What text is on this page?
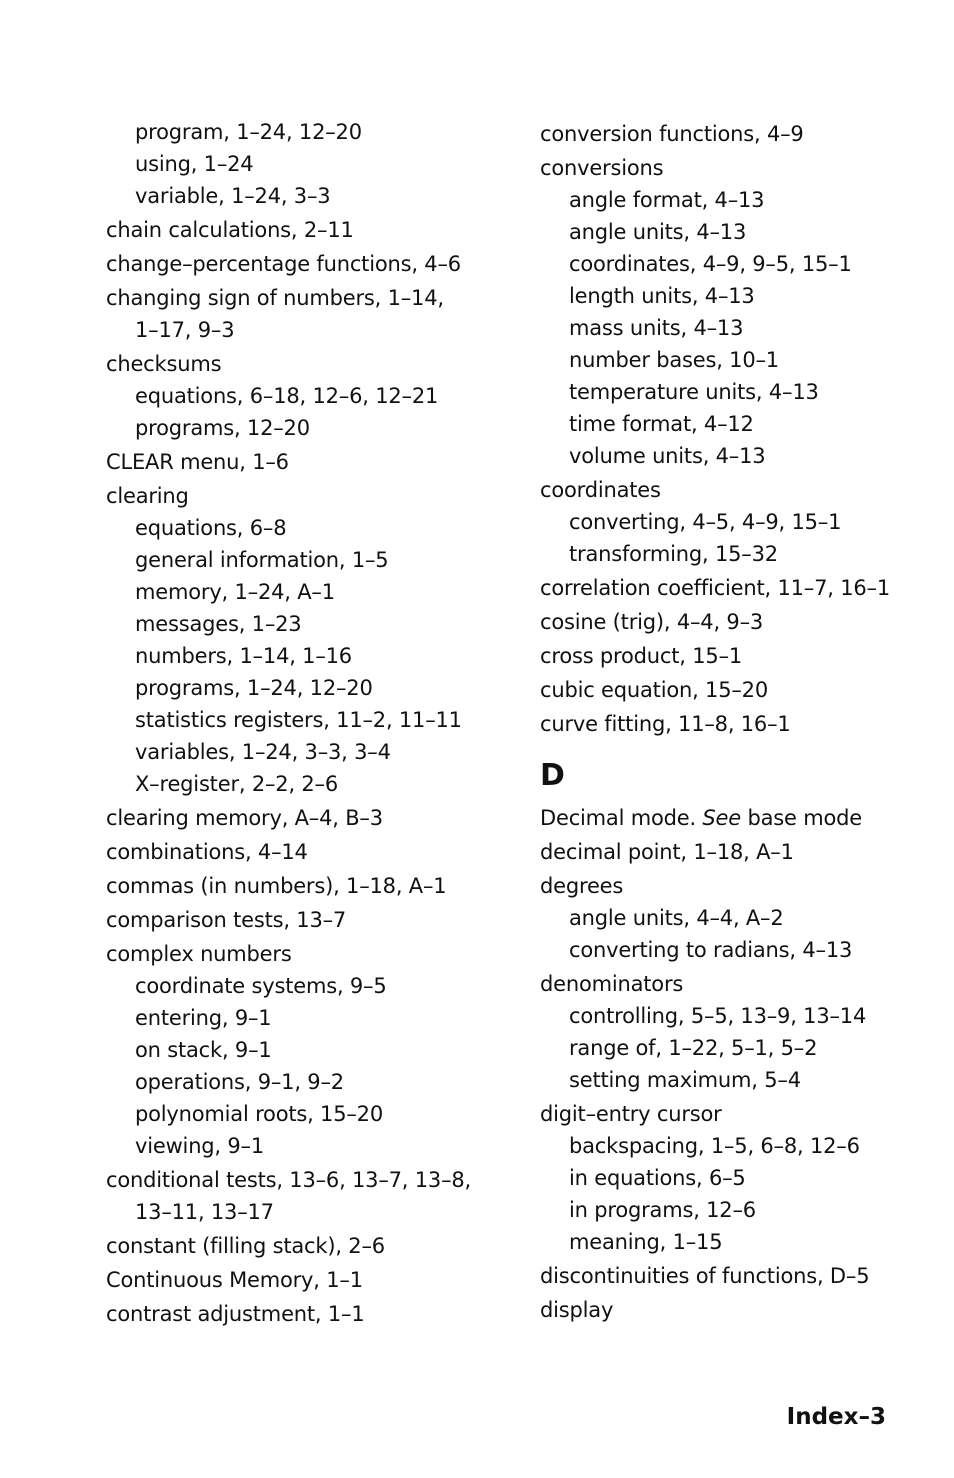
program, 1–24, 12–20
using, 1–24
variable, 1–24, 3–3
chain calculations, 2–11
change–percentage functions, 4–6
changing sign of numbers, 1–14,
1–17, 9–3
checksums
equations, 6–18, 12–6, 12–21
programs, 12–20
CLEAR menu, 1–6
clearing
equations, 6–8
general information, 1–5
memory, 1–24, A–1
messages, 1–23
numbers, 1–14, 1–16
programs, 1–24, 12–20
statistics registers, 11–2, 11–11
variables, 1–24, 3–3, 3–4
X–register, 2–2, 2–6
clearing memory, A–4, B–3
combinations, 4–14
commas (in numbers), 1–18, A–1
comparison tests, 13–7
complex numbers
coordinate systems, 9–5
entering, 9–1
on stack, 9–1
operations, 9–1, 9–2
polynomial roots, 15–20
viewing, 9–1
conditional tests, 13–6, 13–7, 13–8,
13–11, 13–17
constant (filling stack), 2–6
Continuous Memory, 1–1
contrast adjustment, 1–1
conversion functions, 4–9
conversions
angle format, 4–13
angle units, 4–13
coordinates, 4–9, 9–5, 15–1
length units, 4–13
mass units, 4–13
number bases, 10–1
temperature units, 4–13
time format, 4–12
volume units, 4–13
coordinates
converting, 4–5, 4–9, 15–1
transforming, 15–32
correlation coefficient, 11–7, 16–1
cosine (trig), 4–4, 9–3
cross product, 15–1
cubic equation, 15–20
curve fitting, 11–8, 16–1
D
Decimal mode. See base mode
decimal point, 1–18, A–1
degrees
angle units, 4–4, A–2
converting to radians, 4–13
denominators
controlling, 5–5, 13–9, 13–14
range of, 1–22, 5–1, 5–2
setting maximum, 5–4
digit–entry cursor
backspacing, 1–5, 6–8, 12–6
in equations, 6–5
in programs, 12–6
meaning, 1–15
discontinuities of functions, D–5
display
Index–3
